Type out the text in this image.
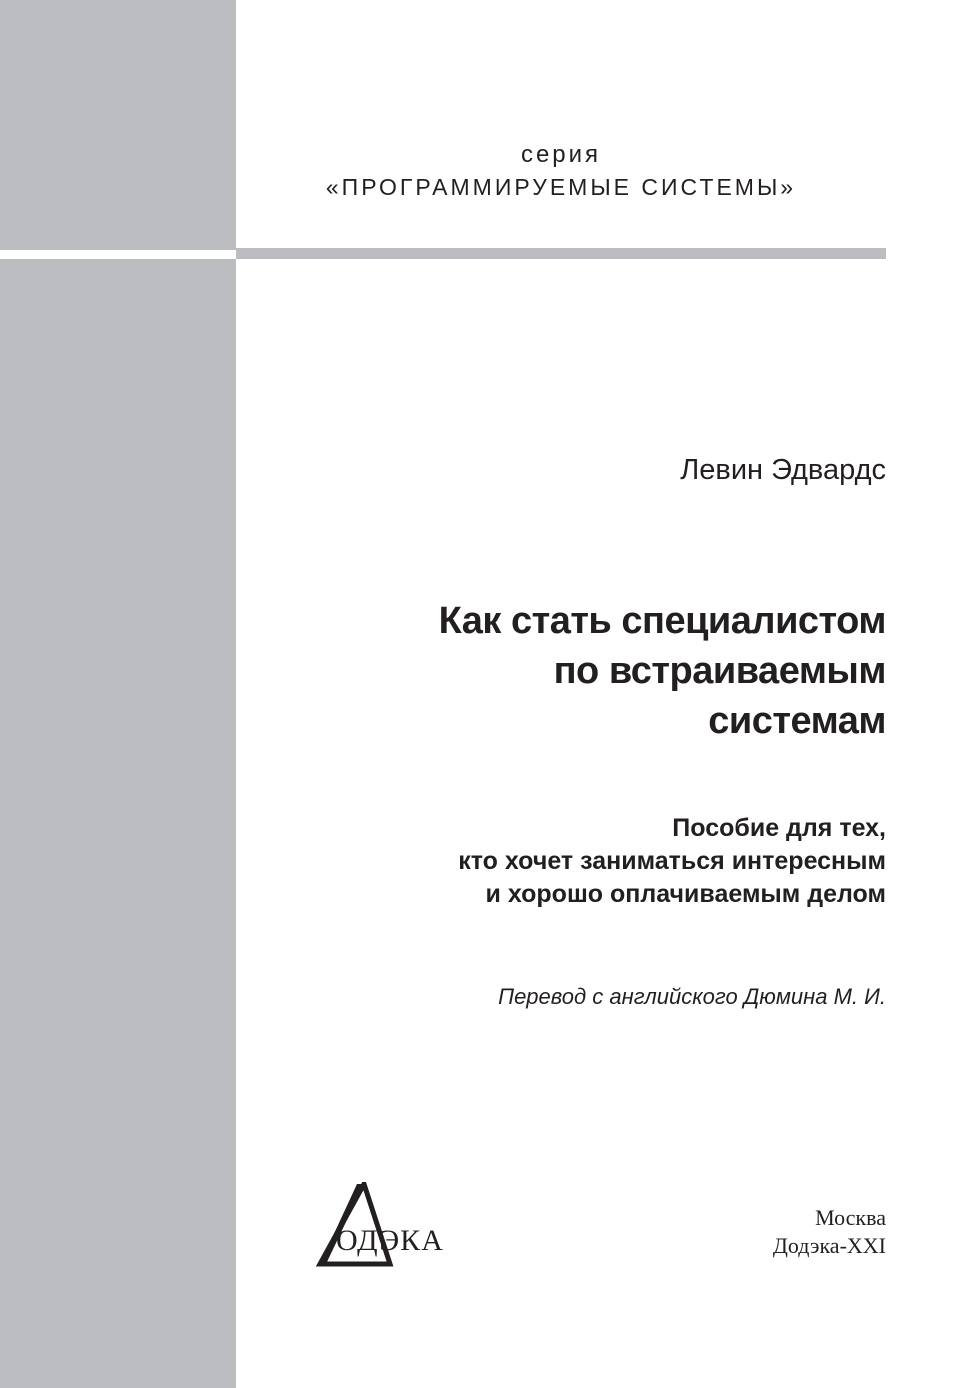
серия
«ПРОГРАММИРУЕМЫЕ СИСТЕМЫ»
Левин Эдвардс
Как стать специалистом
по встраиваемым
системам
Пособие для тех,
кто хочет заниматься интересным
и хорошо оплачиваемым делом
Перевод с английского Дюмина М. И.
ОДЭКА
Москва
Додэка-XXI
